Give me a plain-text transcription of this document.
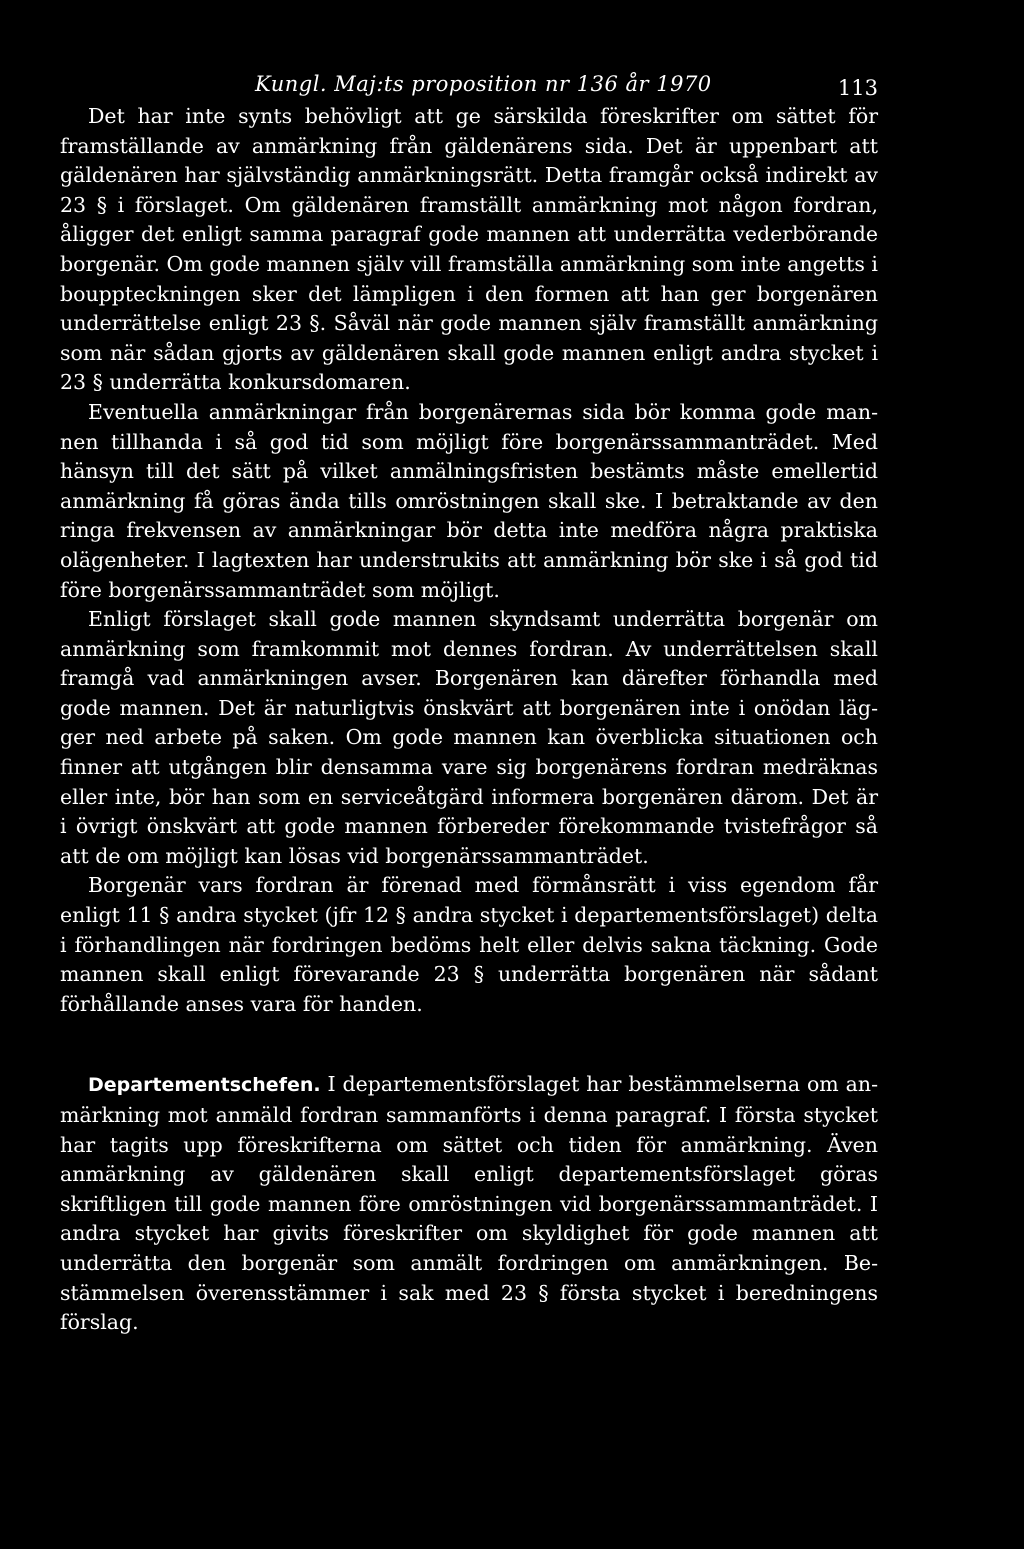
Kungl. Maj:ts proposition nr 136 år 1970	113

Det har inte synts behövligt att ge särskilda föreskrifter om sättet för framställande av anmärkning från gäldenärens sida. Det är uppenbart att gäldenären har självständig anmärkningsrätt. Detta framgår också indirekt av 23 § i förslaget. Om gäldenären framställt anmärkning mot någon fordran, åligger det enligt samma paragraf gode mannen att underrätta vederbörande borgenär. Om gode mannen själv vill framställa anmärkning som inte angetts i bouppteckningen sker det lämpligen i den formen att han ger borgenären underrättelse enligt 23 §. Såväl när gode mannen själv framställt anmärkning som när sådan gjorts av gäldenären skall gode mannen enligt andra stycket i 23 § underrätta konkursdomaren.

Eventuella anmärkningar från borgenärernas sida bör komma gode mannen tillhanda i så god tid som möjligt före borgenärssammanträdet. Med hänsyn till det sätt på vilket anmälningsfristen bestämts måste emellertid anmärkning få göras ända tills omröstningen skall ske. I betraktande av den ringa frekvensen av anmärkningar bör detta inte medföra några praktiska olägenheter. I lagtexten har understrukits att anmärkning bör ske i så god tid före borgenärssammanträdet som möjligt.

Enligt förslaget skall gode mannen skyndsamt underrätta borgenär om anmärkning som framkommit mot dennes fordran. Av underrättelsen skall framgå vad anmärkningen avser. Borgenären kan därefter förhandla med gode mannen. Det är naturligtvis önskvärt att borgenären inte i onödan lägger ned arbete på saken. Om gode mannen kan överblicka situationen och finner att utgången blir densamma vare sig borgenärens fordran medräknas eller inte, bör han som en serviceåtgärd informera borgenären därom. Det är i övrigt önskvärt att gode mannen förbereder förekommande tvistefrågor så att de om möjligt kan lösas vid borgenärssammanträdet.

Borgenär vars fordran är förenad med förmånsrätt i viss egendom får enligt 11 § andra stycket (jfr 12 § andra stycket i departementsförslaget) delta i förhandlingen när fordringen bedöms helt eller delvis sakna täckning. Gode mannen skall enligt förevarande 23 § underrätta borgenären när sådant förhållande anses vara för handen.

Departementschefen. I departementsförslaget har bestämmelserna om anmärkning mot anmäld fordran sammanförts i denna paragraf. I första stycket har tagits upp föreskrifterna om sättet och tiden för anmärkning. Även anmärkning av gäldenären skall enligt departementsförslaget göras skriftligen till gode mannen före omröstningen vid borgenärssammanträdet. I andra stycket har givits föreskrifter om skyldighet för gode mannen att underrätta den borgenär som anmält fordringen om anmärkningen. Bestämmelsen överensstämmer i sak med 23 § första stycket i beredningens förslag.
